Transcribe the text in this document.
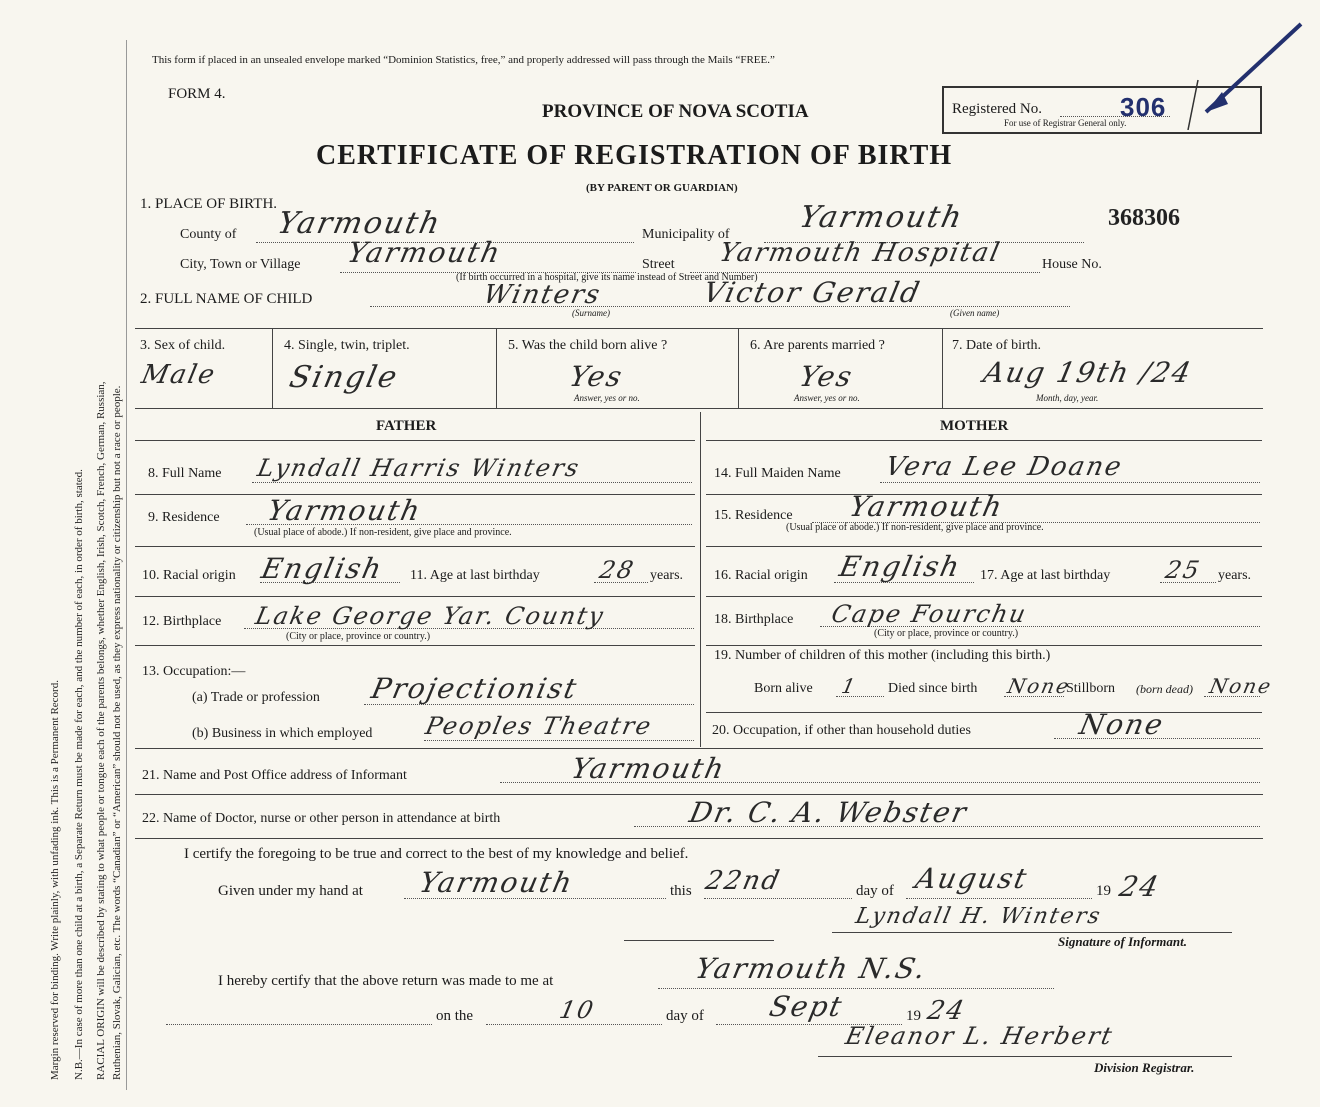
Margin reserved for binding. Write plainly, with unfading ink. This is a Permanent Record. N.B.—In case of more than one child at a birth, a Separate Return must be made for each, and the number of each, in order of birth, stated. RACIAL ORIGIN will be described by stating to what people or tongue each of the parents belongs, whether English, Irish, Scotch, French, German, Russian, Ruthenian, Slovak, Galician, etc. The words “Canadian” or “American” should not be used, as they express nationality or citizenship but not a race or people.
This form if placed in an unsealed envelope marked “Dominion Statistics, free,” and properly addressed will pass through the Mails “FREE.”
FORM 4.
PROVINCE OF NOVA SCOTIA
CERTIFICATE OF REGISTRATION OF BIRTH
(BY PARENT OR GUARDIAN)
Registered No.
For use of Registrar General only.
306
1. PLACE OF BIRTH.
County of Yarmouth	Municipality of Yarmouth	368306
City, Town or Village Yarmouth	Street Yarmouth Hospital	House No.
(If birth occurred in a hospital, give its name instead of Street and Number)
2. FULL NAME OF CHILD	Winters	Victor Gerald
(Surname)	(Given name)
3. Sex of child.
Male
4. Single, twin, triplet.
Single
5. Was the child born alive ?
Yes
Answer, yes or no.
6. Are parents married ?
Yes
Answer, yes or no.
7. Date of birth.
Aug 19th /24
Month, day, year.
FATHER	MOTHER
8. Full Name Lyndall Harris Winters
9. Residence Yarmouth
(Usual place of abode.) If non-resident, give place and province.
10. Racial origin English 11. Age at last birthday 28 years.
12. Birthplace Lake George Yar. County
(City or place, province or country.)
13. Occupation:—
(a) Trade or profession Projectionist
(b) Business in which employed Peoples Theatre
14. Full Maiden Name Vera Lee Doane
15. Residence Yarmouth
(Usual place of abode.) If non-resident, give place and province.
16. Racial origin English 17. Age at last birthday 25 years.
18. Birthplace Cape Fourchu
(City or place, province or country.)
19. Number of children of this mother (including this birth.)
Born alive 1 Died since birth None
Stillborn (born dead) None
20. Occupation, if other than household duties	None
21. Name and Post Office address of Informant	Yarmouth
22. Name of Doctor, nurse or other person in attendance at birth	Dr. C. A. Webster
I certify the foregoing to be true and correct to the best of my knowledge and belief.
Given under my hand at Yarmouth	this 22nd	day of August	19 24
Lyndall H. Winters
Signature of Informant.
I hereby certify that the above return was made to me at	Yarmouth N.S.
on the	10	day of Sept	19 24
Eleanor L. Herbert
Division Registrar.
